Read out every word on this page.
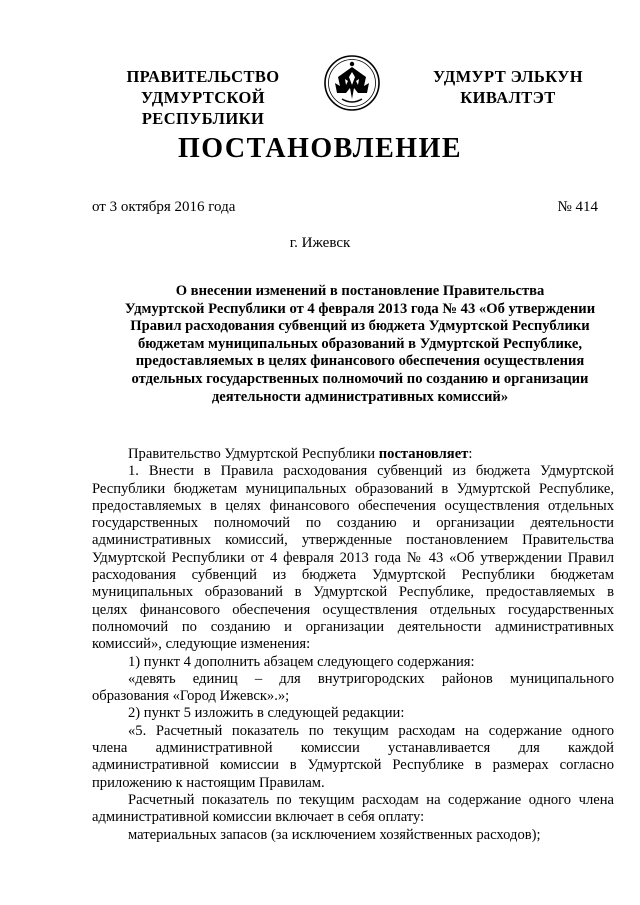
ПРАВИТЕЛЬСТВО
УДМУРТСКОЙ РЕСПУБЛИКИ
УДМУРТ ЭЛЬКУН
КИВАЛТЭТ
ПОСТАНОВЛЕНИЕ
от 3 октября 2016 года	№ 414
г. Ижевск
О внесении изменений в постановление Правительства
Удмуртской Республики от 4 февраля 2013 года № 43 «Об утверждении
Правил расходования субвенций из бюджета Удмуртской Республики
бюджетам муниципальных образований в Удмуртской Республике,
предоставляемых в целях финансового обеспечения осуществления
отдельных государственных полномочий по созданию и организации
деятельности административных комиссий»
Правительство Удмуртской Республики постановляет:
1. Внести в Правила расходования субвенций из бюджета Удмуртской
Республики бюджетам муниципальных образований в Удмуртской Республике,
предоставляемых в целях финансового обеспечения осуществления отдельных
государственных полномочий по созданию и организации деятельности
административных комиссий, утвержденные постановлением Правительства
Удмуртской Республики от 4 февраля 2013 года № 43 «Об утверждении Правил
расходования субвенций из бюджета Удмуртской Республики бюджетам
муниципальных образований в Удмуртской Республике, предоставляемых в
целях финансового обеспечения осуществления отдельных государственных
полномочий по созданию и организации деятельности административных
комиссий», следующие изменения:
1) пункт 4 дополнить абзацем следующего содержания:
«девять единиц – для внутригородских районов муниципального
образования «Город Ижевск».»;
2) пункт 5 изложить в следующей редакции:
«5. Расчетный показатель по текущим расходам на содержание одного
члена административной комиссии устанавливается для каждой
административной комиссии в Удмуртской Республике в размерах согласно
приложению к настоящим Правилам.
Расчетный показатель по текущим расходам на содержание одного члена
административной комиссии включает в себя оплату:
материальных запасов (за исключением хозяйственных расходов);
